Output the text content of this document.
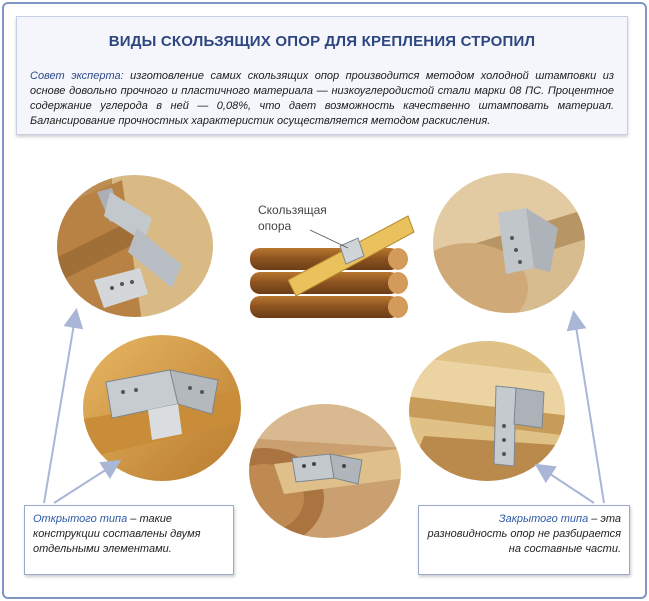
ВИДЫ СКОЛЬЗЯЩИХ ОПОР ДЛЯ КРЕПЛЕНИЯ СТРОПИЛ
Совет эксперта: изготовление самих скользящих опор производится методом холодной штамповки из основе довольно прочного и пластичного материала — низкоуглеродистой стали марки 08 ПС. Процентное содержание углерода в ней — 0,08%, что дает возможность качественно штамповать материал. Балансирование прочностных характеристик осуществляется методом раскисления.
Скользящая
опора
Открытого типа – такие конструкции составлены двумя отдельными элементами.
Закрытого типа – эта разновидность опор не разбирается на составные части.
